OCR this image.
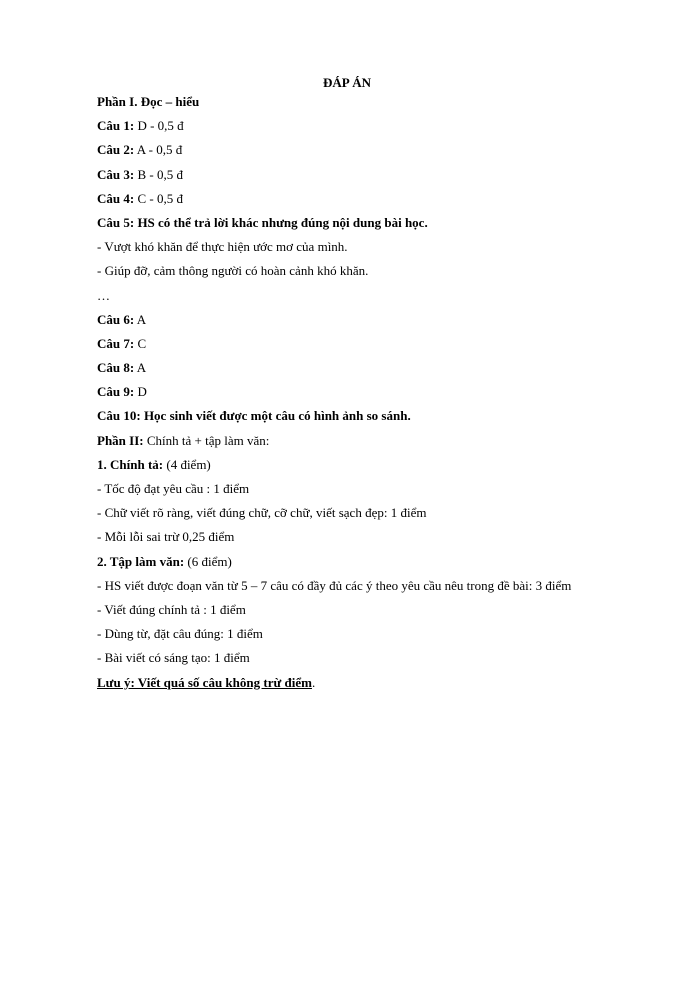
ĐÁP ÁN
Phần I. Đọc – hiểu
Câu 1: D - 0,5 đ
Câu 2: A - 0,5 đ
Câu 3: B - 0,5 đ
Câu 4: C - 0,5 đ
Câu 5: HS có thể trả lời khác nhưng đúng nội dung bài học.
- Vượt khó khăn để thực hiện ước mơ của mình.
- Giúp đỡ, cảm thông người có hoàn cảnh khó khăn.
…
Câu 6: A
Câu 7: C
Câu 8: A
Câu 9: D
Câu 10: Học sinh viết được một câu có hình ảnh so sánh.
Phần II: Chính tả + tập làm văn:
1. Chính tả: (4 điểm)
- Tốc độ đạt yêu cầu : 1 điểm
- Chữ viết rõ ràng, viết đúng chữ, cỡ chữ, viết sạch đẹp: 1 điểm
- Mỗi lỗi sai trừ 0,25 điểm
2. Tập làm văn: (6 điểm)
- HS viết được đoạn văn từ 5 – 7 câu có đầy đủ các ý theo yêu cầu nêu trong đề bài: 3 điểm
- Viết đúng chính tả : 1 điểm
- Dùng từ, đặt câu đúng: 1 điểm
- Bài viết có sáng tạo: 1 điểm
Lưu ý: Viết quá số câu không trừ điểm.
